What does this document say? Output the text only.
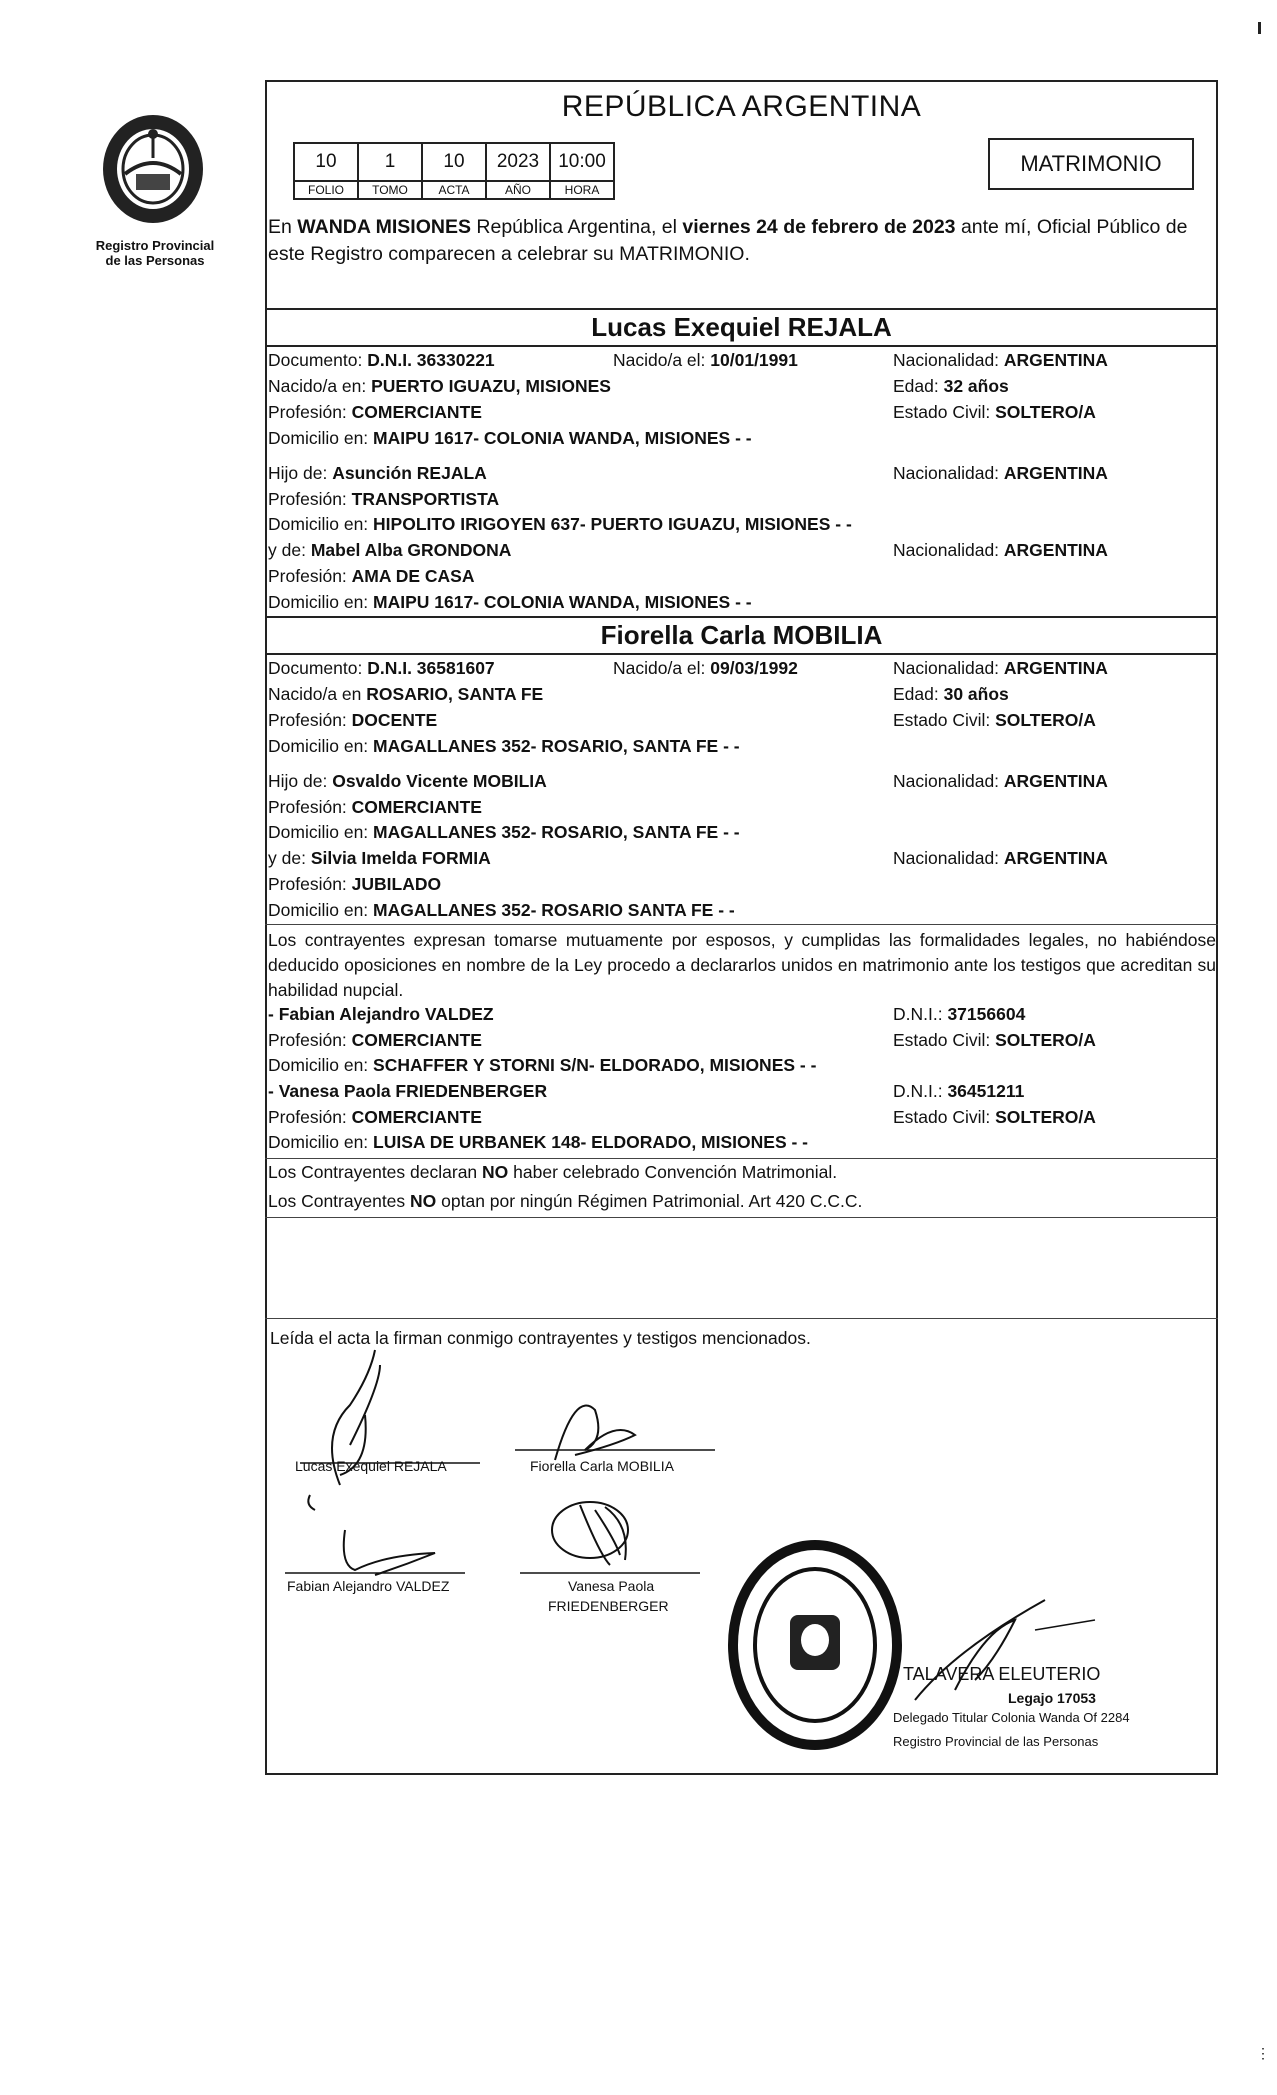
Registro Provincial
de las Personas
REPÚBLICA ARGENTINA
10	1	10	2023	10:00
FOLIO	TOMO	ACTA	AÑO	HORA
MATRIMONIO
En WANDA MISIONES República Argentina, el viernes 24 de febrero de 2023 ante mí, Oficial Público de este Registro comparecen a celebrar su MATRIMONIO.
Lucas Exequiel REJALA
Documento: D.N.I. 36330221	Nacido/a el: 10/01/1991	Nacionalidad: ARGENTINA
Nacido/a en: PUERTO IGUAZU, MISIONES	Edad: 32 años
Profesión: COMERCIANTE	Estado Civil: SOLTERO/A
Domicilio en: MAIPU 1617- COLONIA WANDA, MISIONES - -
Hijo de: Asunción REJALA	Nacionalidad: ARGENTINA
Profesión: TRANSPORTISTA
Domicilio en: HIPOLITO IRIGOYEN 637- PUERTO IGUAZU, MISIONES - -
y de: Mabel Alba GRONDONA	Nacionalidad: ARGENTINA
Profesión: AMA DE CASA
Domicilio en: MAIPU 1617- COLONIA WANDA, MISIONES - -
Fiorella Carla MOBILIA
Documento: D.N.I. 36581607	Nacido/a el: 09/03/1992	Nacionalidad: ARGENTINA
Nacido/a en ROSARIO, SANTA FE	Edad: 30 años
Profesión: DOCENTE	Estado Civil: SOLTERO/A
Domicilio en: MAGALLANES 352- ROSARIO, SANTA FE - -
Hijo de: Osvaldo Vicente MOBILIA	Nacionalidad: ARGENTINA
Profesión: COMERCIANTE
Domicilio en: MAGALLANES 352- ROSARIO, SANTA FE - -
y de: Silvia Imelda FORMIA	Nacionalidad: ARGENTINA
Profesión: JUBILADO
Domicilio en: MAGALLANES 352- ROSARIO SANTA FE - -
Los contrayentes expresan tomarse mutuamente por esposos, y cumplidas las formalidades legales, no habiéndose deducido oposiciones en nombre de la Ley procedo a declararlos unidos en matrimonio ante los testigos que acreditan su habilidad nupcial.
- Fabian Alejandro VALDEZ	D.N.I.: 37156604
Profesión: COMERCIANTE	Estado Civil: SOLTERO/A
Domicilio en: SCHAFFER Y STORNI S/N- ELDORADO, MISIONES - -
- Vanesa Paola FRIEDENBERGER	D.N.I.: 36451211
Profesión: COMERCIANTE	Estado Civil: SOLTERO/A
Domicilio en: LUISA DE URBANEK 148- ELDORADO, MISIONES - -
Los Contrayentes declaran NO haber celebrado Convención Matrimonial.
Los Contrayentes NO optan por ningún Régimen Patrimonial. Art 420 C.C.C.
Leída el acta la firman conmigo contrayentes y testigos mencionados.
Lucas Exequiel REJALA	Fiorella Carla MOBILIA
Fabian Alejandro VALDEZ	Vanesa Paola
FRIEDENBERGER
TALAVERA ELEUTERIO
Legajo 17053
Delegado Titular Colonia Wanda Of 2284
Registro Provincial de las Personas
⋮
